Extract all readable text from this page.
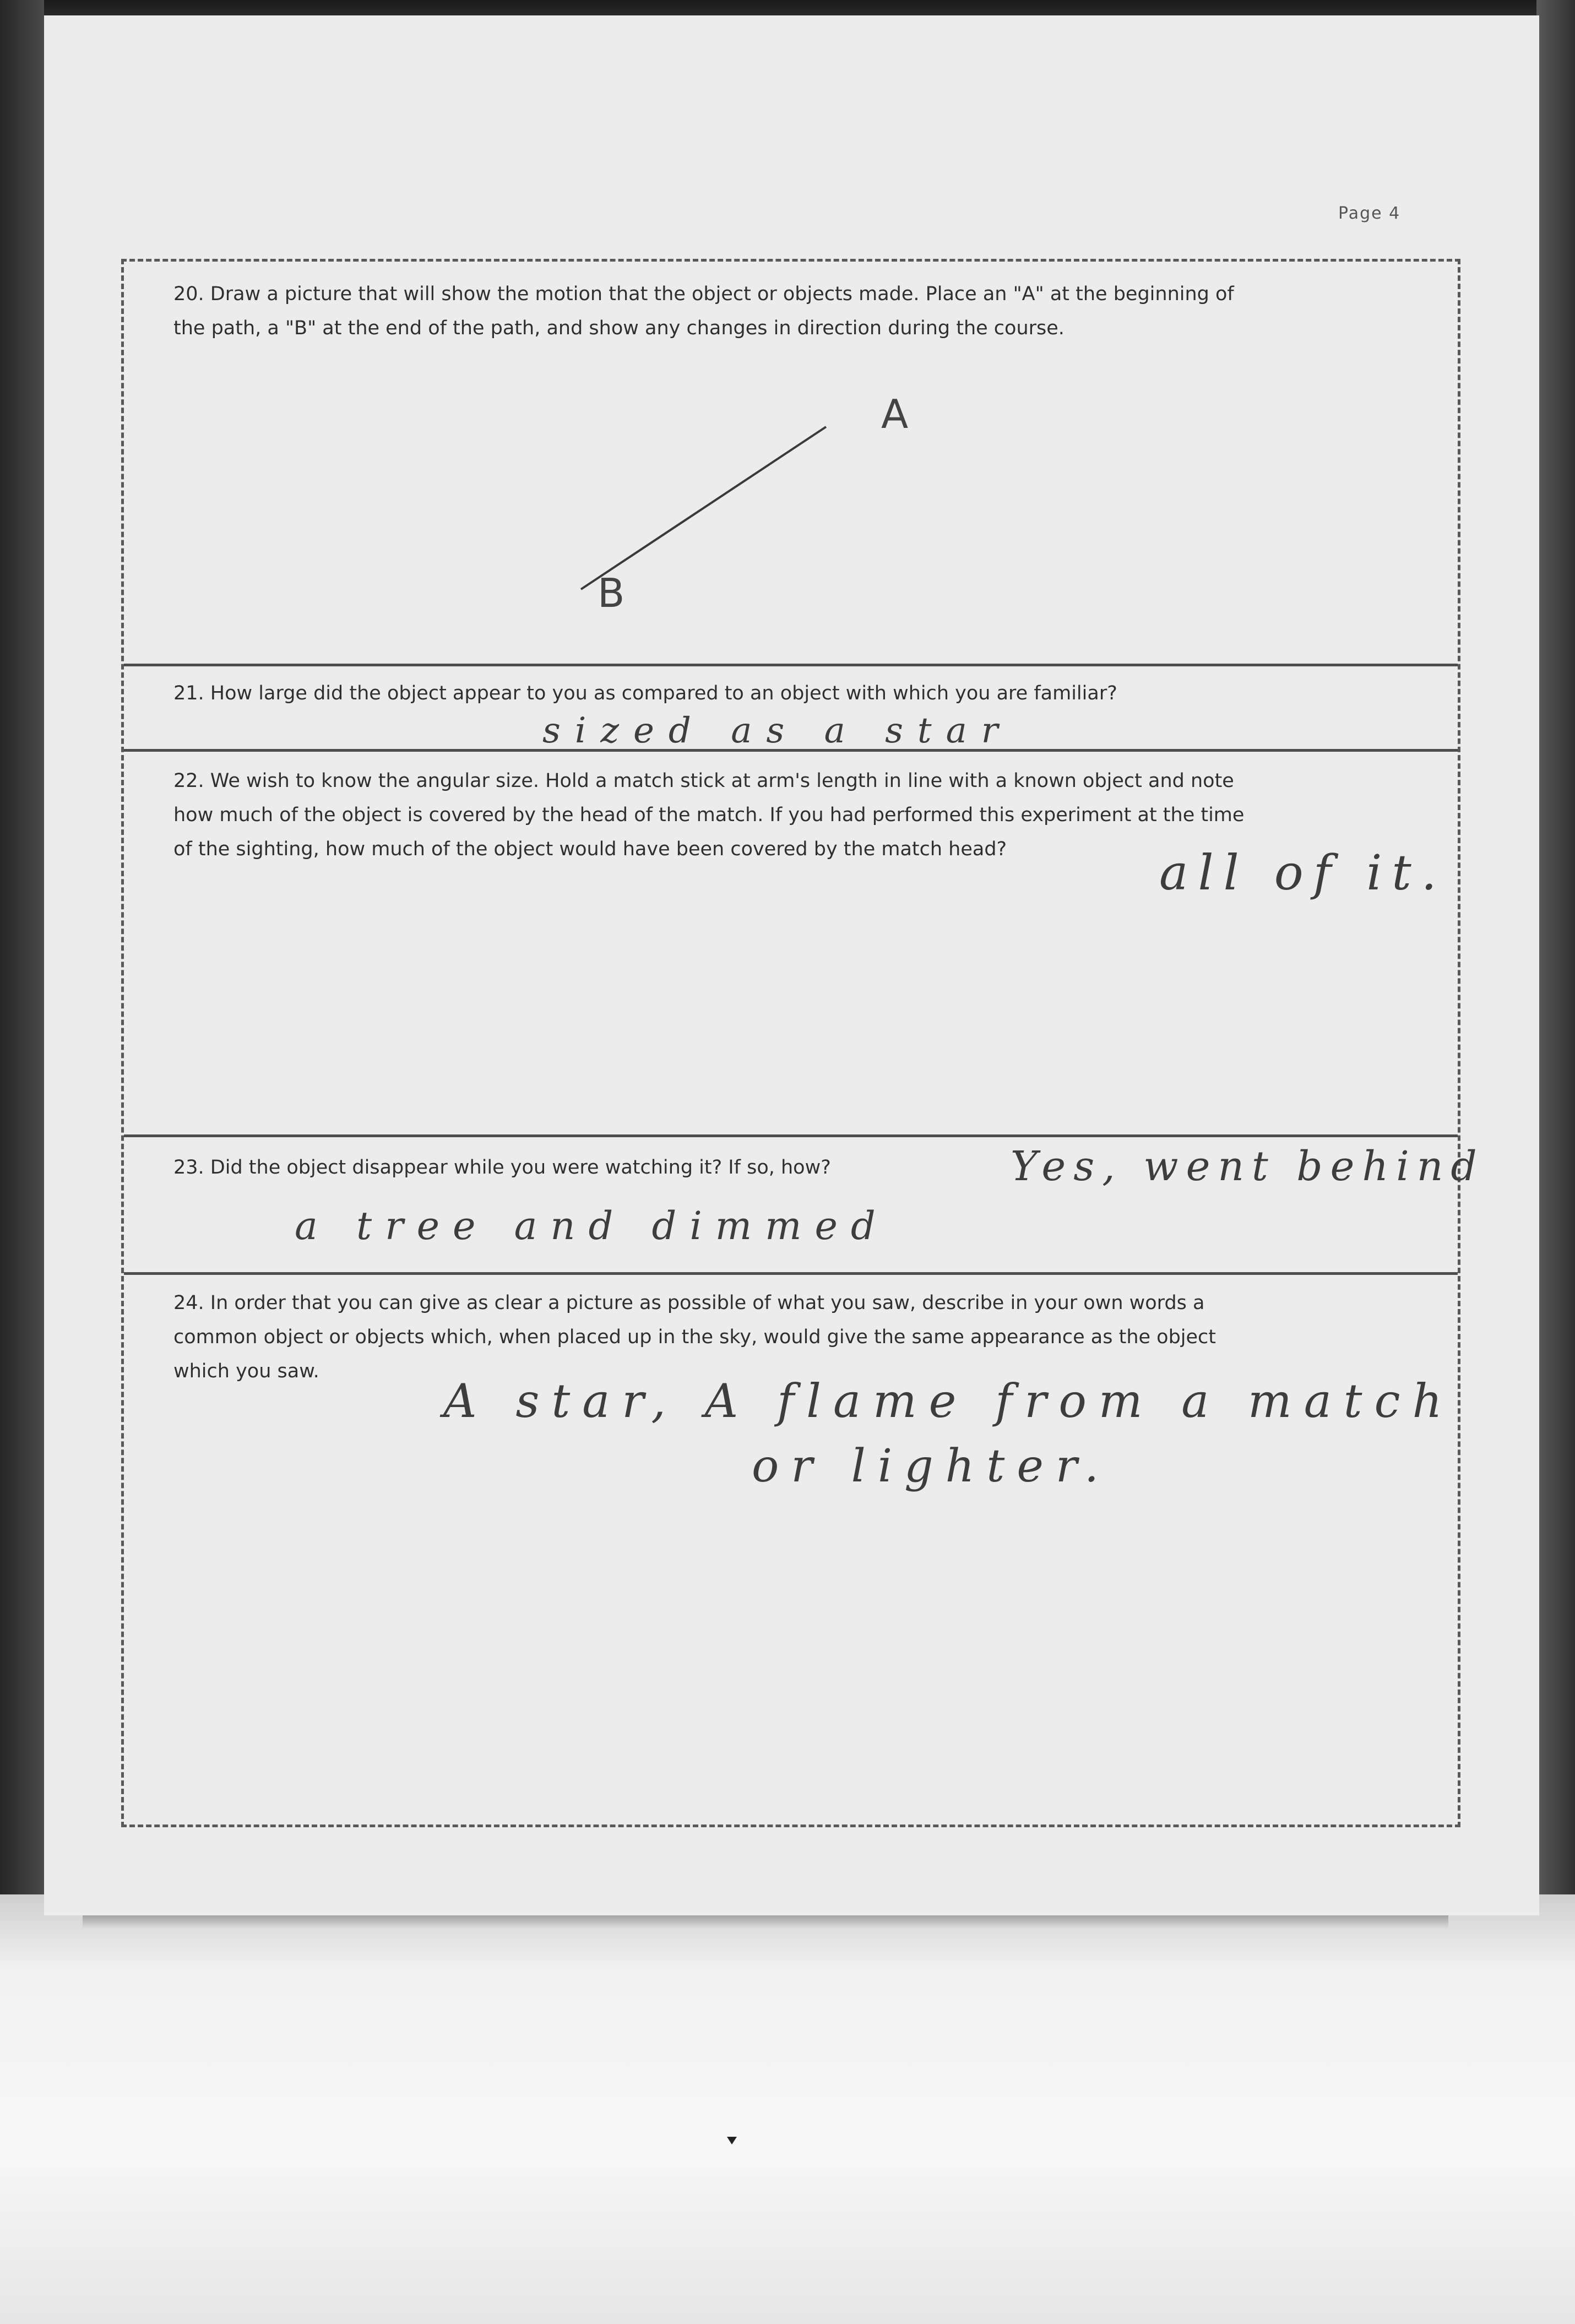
Page 4

20. Draw a picture that will show the motion that the object or objects made. Place an "A" at the beginning of
the path, a "B" at the end of the path, and show any changes in direction during the course.

A

B

21. How large did the object appear to you as compared to an object with which you are familiar?

sized as a star

22. We wish to know the angular size. Hold a match stick at arm's length in line with a known object and note
how much of the object is covered by the head of the match. If you had performed this experiment at the time
of the sighting, how much of the object would have been covered by the match head?	all of it.

23. Did the object disappear while you were watching it? If so, how?	Yes, went behind

a tree and dimmed

24. In order that you can give as clear a picture as possible of what you saw, describe in your own words a
common object or objects which, when placed up in the sky, would give the same appearance as the object
which you saw.

A star, A flame from a match

or lighter.
